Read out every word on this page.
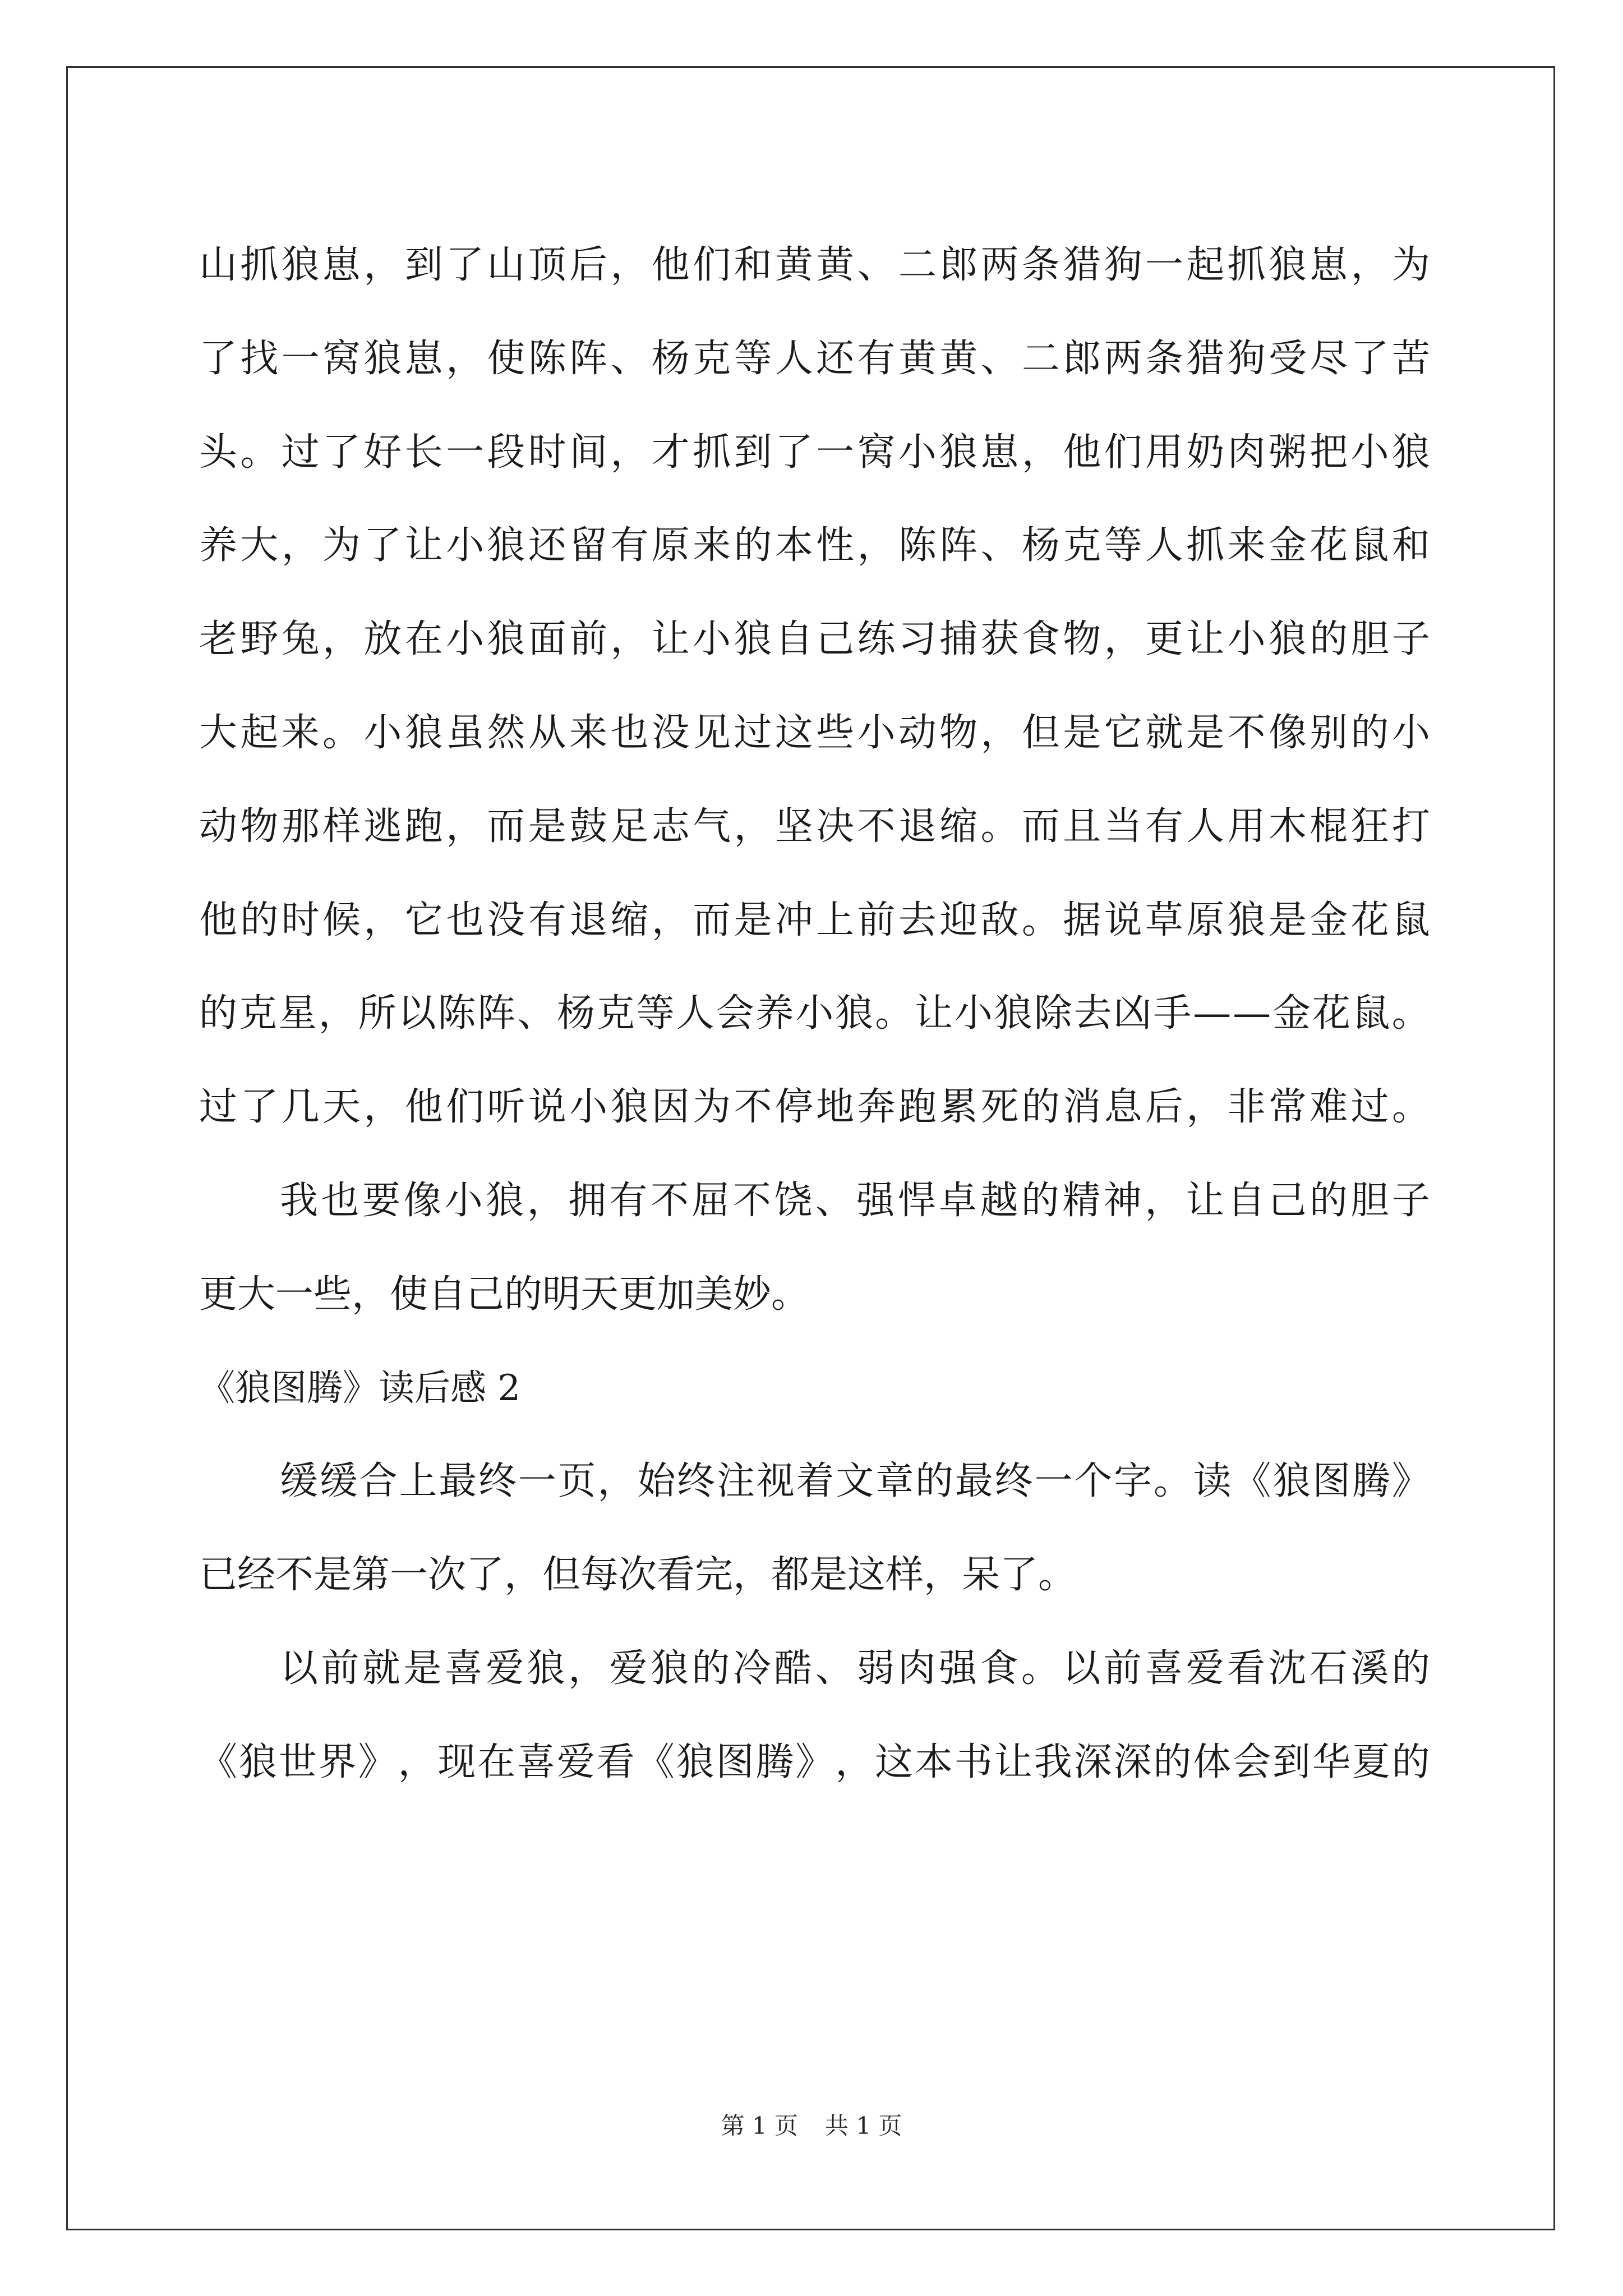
山 抓 狼 崽 ， 到 了 山 顶 后 ， 他 们 和 黄 黄 、 二 郎 两 条 猎 狗 一 起 抓 狼 崽 ， 为
了 找 一 窝 狼 崽 ， 使 陈 阵 、 杨 克 等 人 还 有 黄 黄 、 二 郎 两 条 猎 狗 受 尽 了 苦
头 。 过 了 好 长 一 段 时 间 ， 才 抓 到 了 一 窝 小 狼 崽 ， 他 们 用 奶 肉 粥 把 小 狼
养 大 ， 为 了 让 小 狼 还 留 有 原 来 的 本 性 ， 陈 阵 、 杨 克 等 人 抓 来 金 花 鼠 和
老 野 兔 ， 放 在 小 狼 面 前 ， 让 小 狼 自 己 练 习 捕 获 食 物 ， 更 让 小 狼 的 胆 子
大 起 来 。 小 狼 虽 然 从 来 也 没 见 过 这 些 小 动 物 ， 但 是 它 就 是 不 像 别 的 小
动 物 那 样 逃 跑 ， 而 是 鼓 足 志 气 ， 坚 决 不 退 缩 。 而 且 当 有 人 用 木 棍 狂 打
他 的 时 候 ， 它 也 没 有 退 缩 ， 而 是 冲 上 前 去 迎 敌 。 据 说 草 原 狼 是 金 花 鼠
的 克 星 ， 所 以 陈 阵 、 杨 克 等 人 会 养 小 狼 。 让 小 狼 除 去 凶 手 — — 金 花 鼠 。
过 了 几 天 ， 他 们 听 说 小 狼 因 为 不 停 地 奔 跑 累 死 的 消 息 后 ， 非 常 难 过 。
我 也 要 像 小 狼 ， 拥 有 不 屈 不 饶 、 强 悍 卓 越 的 精 神 ， 让 自 己 的 胆 子
更大一些，使自己的明天更加美妙。
《狼图腾》读后感 2
缓 缓 合 上 最 终 一 页 ， 始 终 注 视 着 文 章 的 最 终 一 个 字 。 读 《 狼 图 腾 》
已经不是第一次了，但每次看完，都是这样，呆了。
以 前 就 是 喜 爱 狼 ， 爱 狼 的 冷 酷 、 弱 肉 强 食 。 以 前 喜 爱 看 沈 石 溪 的
《 狼 世 界 》 ， 现 在 喜 爱 看 《 狼 图 腾 》 ， 这 本 书 让 我 深 深 的 体 会 到 华 夏 的
第 1 页 共 1 页
